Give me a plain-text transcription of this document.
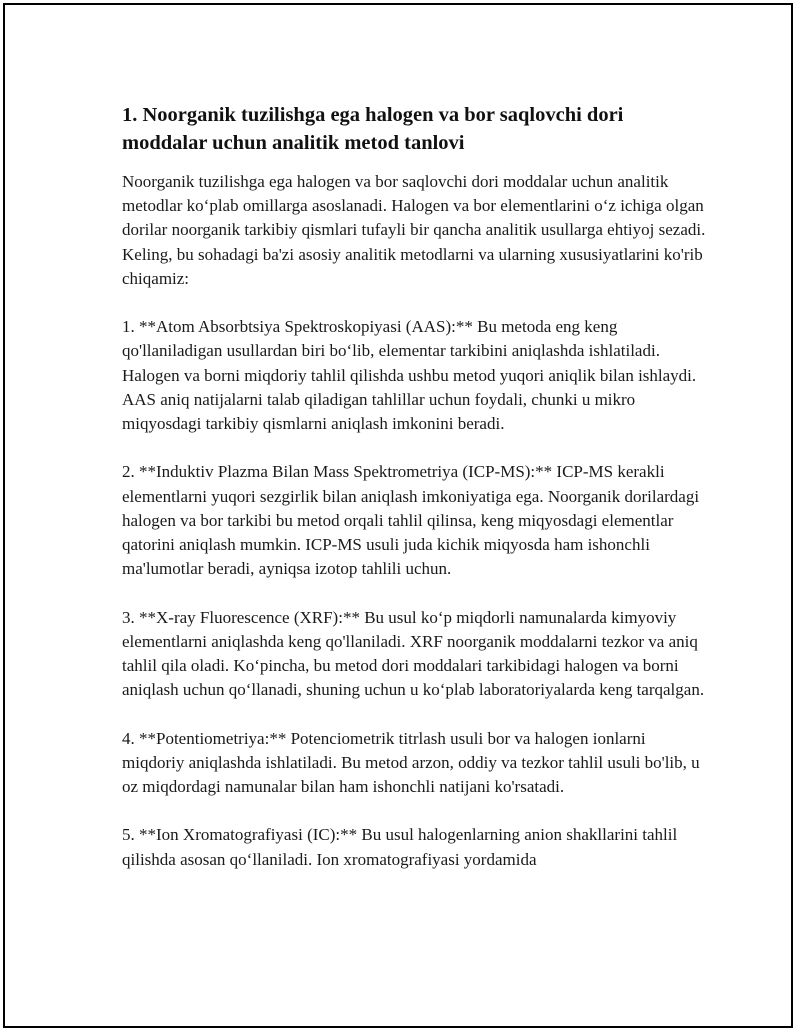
1. Noorganik tuzilishga ega halogen va bor saqlovchi dori moddalar uchun analitik metod tanlovi

Noorganik tuzilishga ega halogen va bor saqlovchi dori moddalar uchun analitik metodlar ko‘plab omillarga asoslanadi. Halogen va bor elementlarini o‘z ichiga olgan dorilar noorganik tarkibiy qismlari tufayli bir qancha analitik usullarga ehtiyoj sezadi. Keling, bu sohadagi ba'zi asosiy analitik metodlarni va ularning xususiyatlarini ko'rib chiqamiz:

1. **Atom Absorbtsiya Spektroskopiyasi (AAS):** Bu metoda eng keng qo'llaniladigan usullardan biri bo‘lib, elementar tarkibini aniqlashda ishlatiladi. Halogen va borni miqdoriy tahlil qilishda ushbu metod yuqori aniqlik bilan ishlaydi. AAS aniq natijalarni talab qiladigan tahlillar uchun foydali, chunki u mikro miqyosdagi tarkibiy qismlarni aniqlash imkonini beradi.

2. **Induktiv Plazma Bilan Mass Spektrometriya (ICP-MS):** ICP-MS kerakli elementlarni yuqori sezgirlik bilan aniqlash imkoniyatiga ega. Noorganik dorilardagi halogen va bor tarkibi bu metod orqali tahlil qilinsa, keng miqyosdagi elementlar qatorini aniqlash mumkin. ICP-MS usuli juda kichik miqyosda ham ishonchli ma'lumotlar beradi, ayniqsa izotop tahlili uchun.

3. **X-ray Fluorescence (XRF):** Bu usul ko‘p miqdorli namunalarda kimyoviy elementlarni aniqlashda keng qo'llaniladi. XRF noorganik moddalarni tezkor va aniq tahlil qila oladi. Ko‘pincha, bu metod dori moddalari tarkibidagi halogen va borni aniqlash uchun qo‘llanadi, shuning uchun u ko‘plab laboratoriyalarda keng tarqalgan.

4. **Potentiometriya:** Potenciometrik titrlash usuli bor va halogen ionlarni miqdoriy aniqlashda ishlatiladi. Bu metod arzon, oddiy va tezkor tahlil usuli bo'lib, u oz miqdordagi namunalar bilan ham ishonchli natijani ko'rsatadi.

5. **Ion Xromatografiyasi (IC):** Bu usul halogenlarning anion shakllarini tahlil qilishda asosan qo‘llaniladi. Ion xromatografiyasi yordamida
